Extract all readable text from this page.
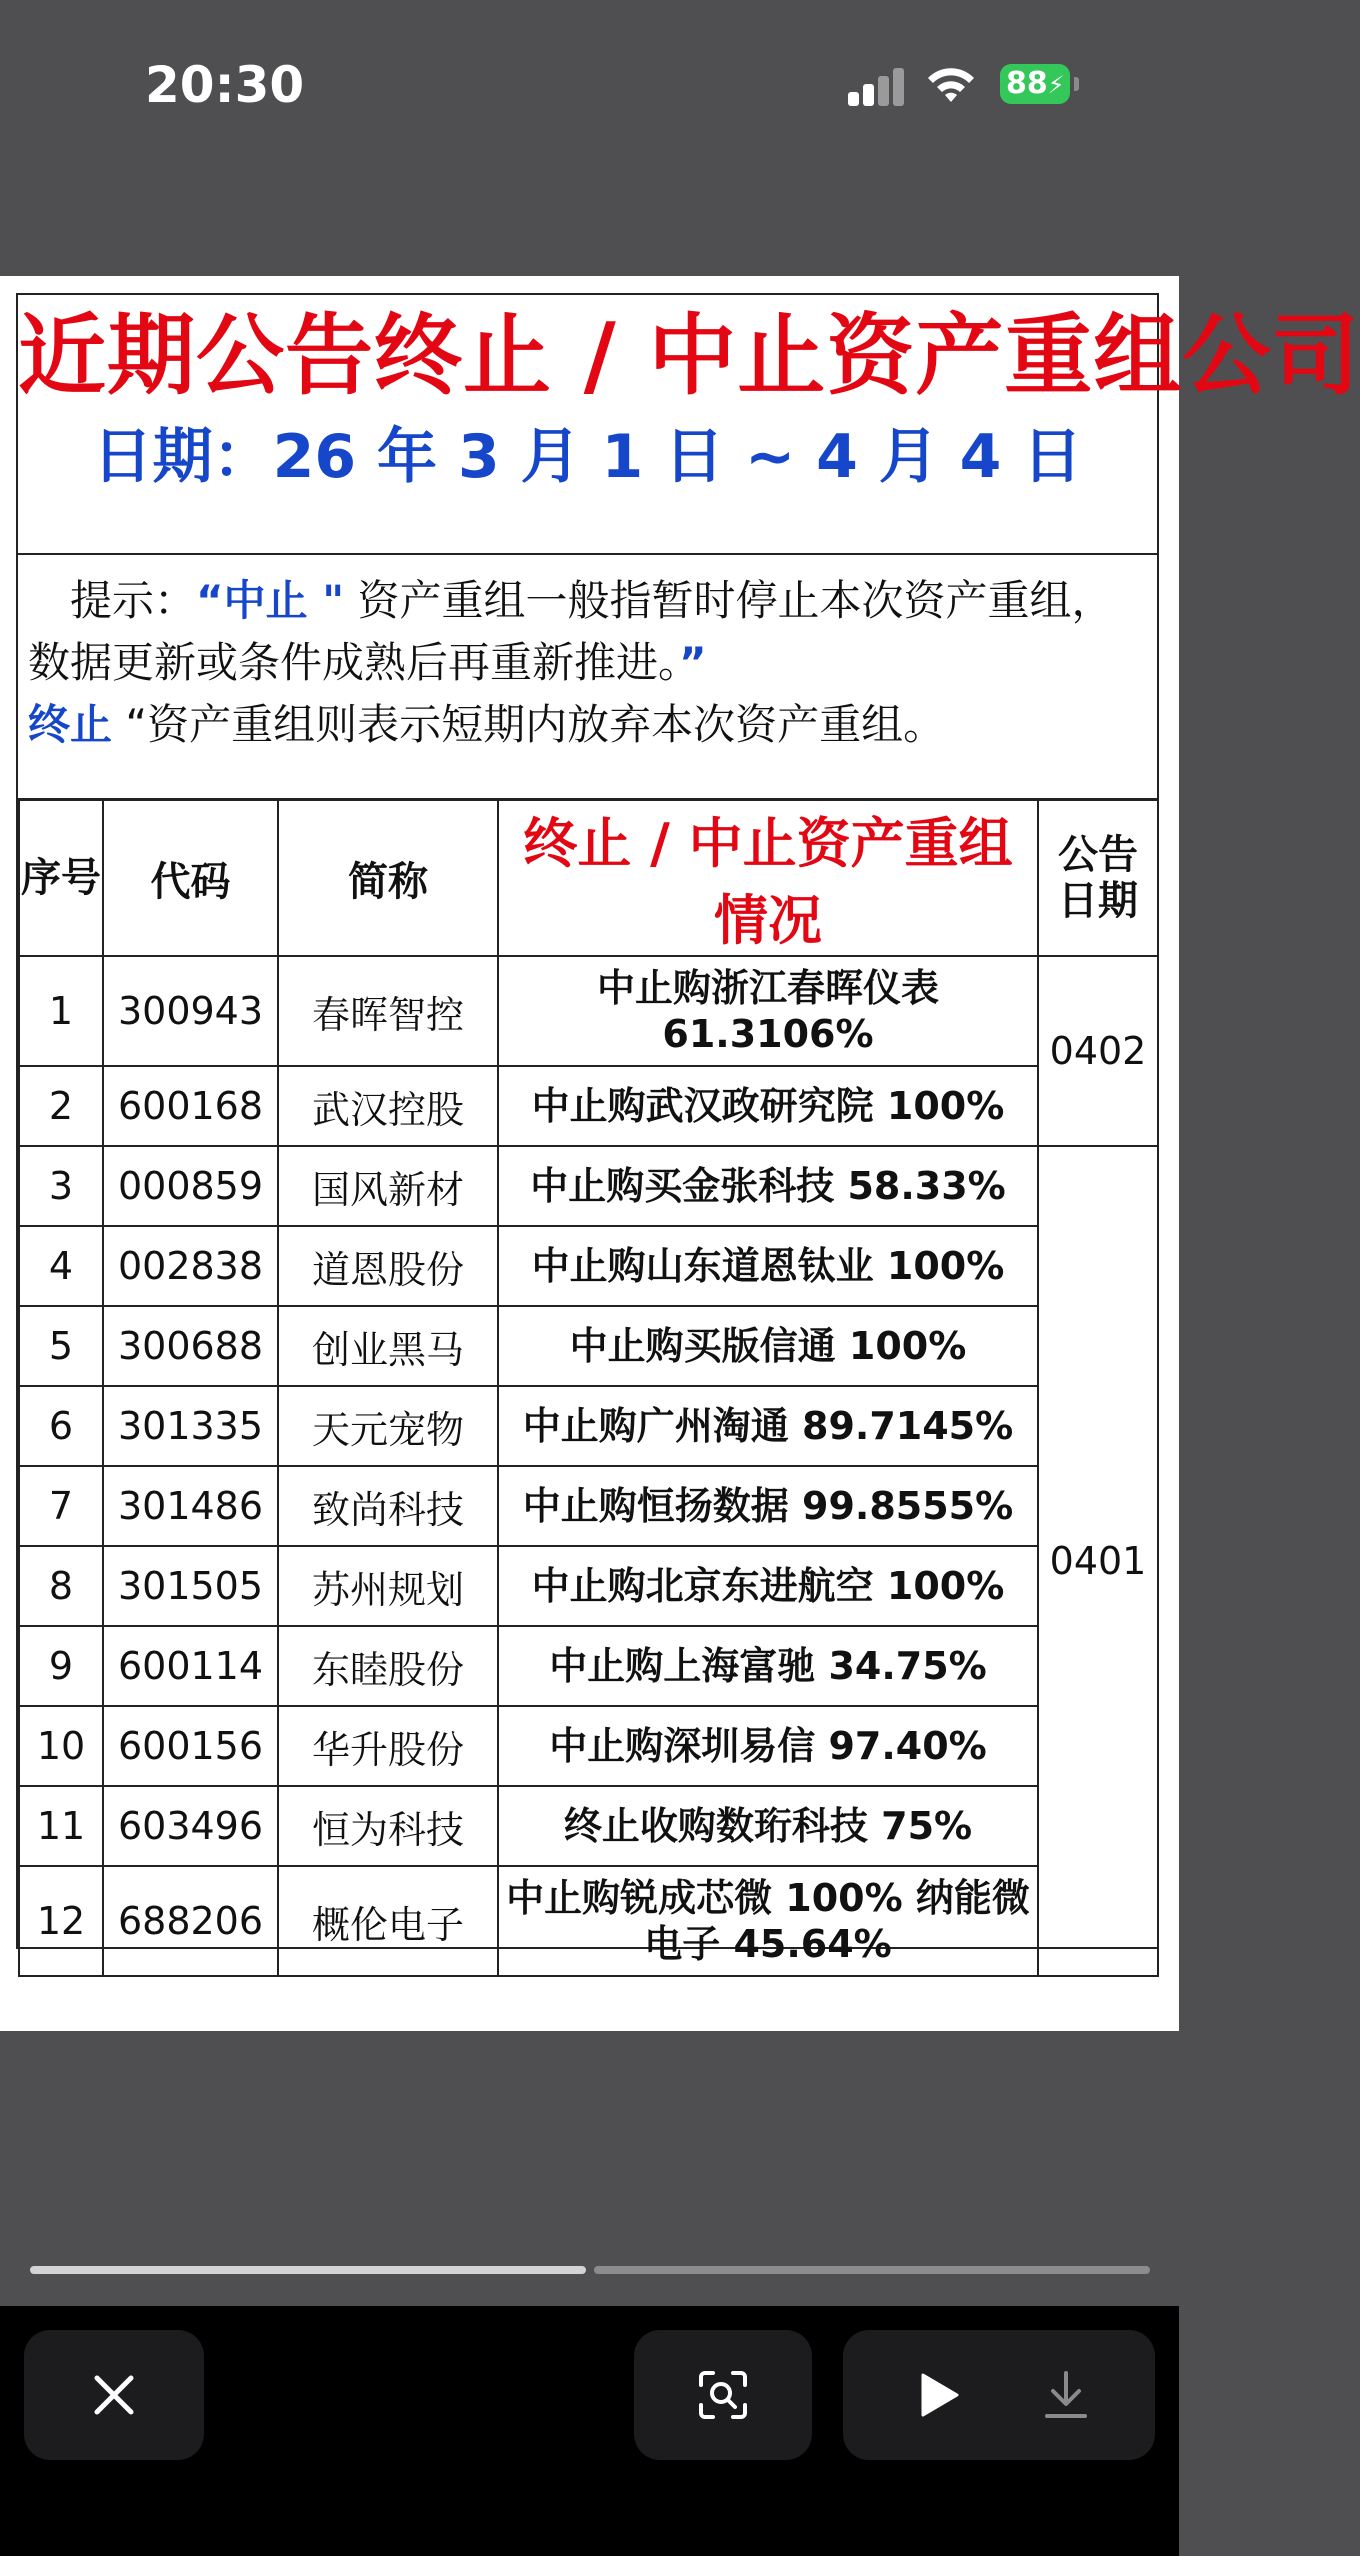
20:30	88⚡
近期公告终止 / 中止资产重组公司
日期：26 年 3 月 1 日 ~ 4 月 4 日
　提示：“中止 " 资产重组一般指暂时停止本次资产重组，数据更新或条件成熟后再重新推进。”
终止 “资产重组则表示短期内放弃本次资产重组。
序号	代码	简称	终止 / 中止资产重组情况	公告日期
1	300943	春晖智控	中止购浙江春晖仪表 61.3106%	0402
2	600168	武汉控股	中止购武汉政研究院 100%	
3	000859	国风新材	中止购买金张科技 58.33%	0401
4	002838	道恩股份	中止购山东道恩钛业 100%	
5	300688	创业黑马	中止购买版信通 100%	
6	301335	天元宠物	中止购广州淘通 89.7145%	
7	301486	致尚科技	中止购恒扬数据 99.8555%	
8	301505	苏州规划	中止购北京东进航空 100%	
9	600114	东睦股份	中止购上海富驰 34.75%	
10	600156	华升股份	中止购深圳易信 97.40%	
11	603496	恒为科技	终止收购数珩科技 75%	
12	688206	概伦电子	中止购锐成芯微 100% 纳能微电子 45.64%	
